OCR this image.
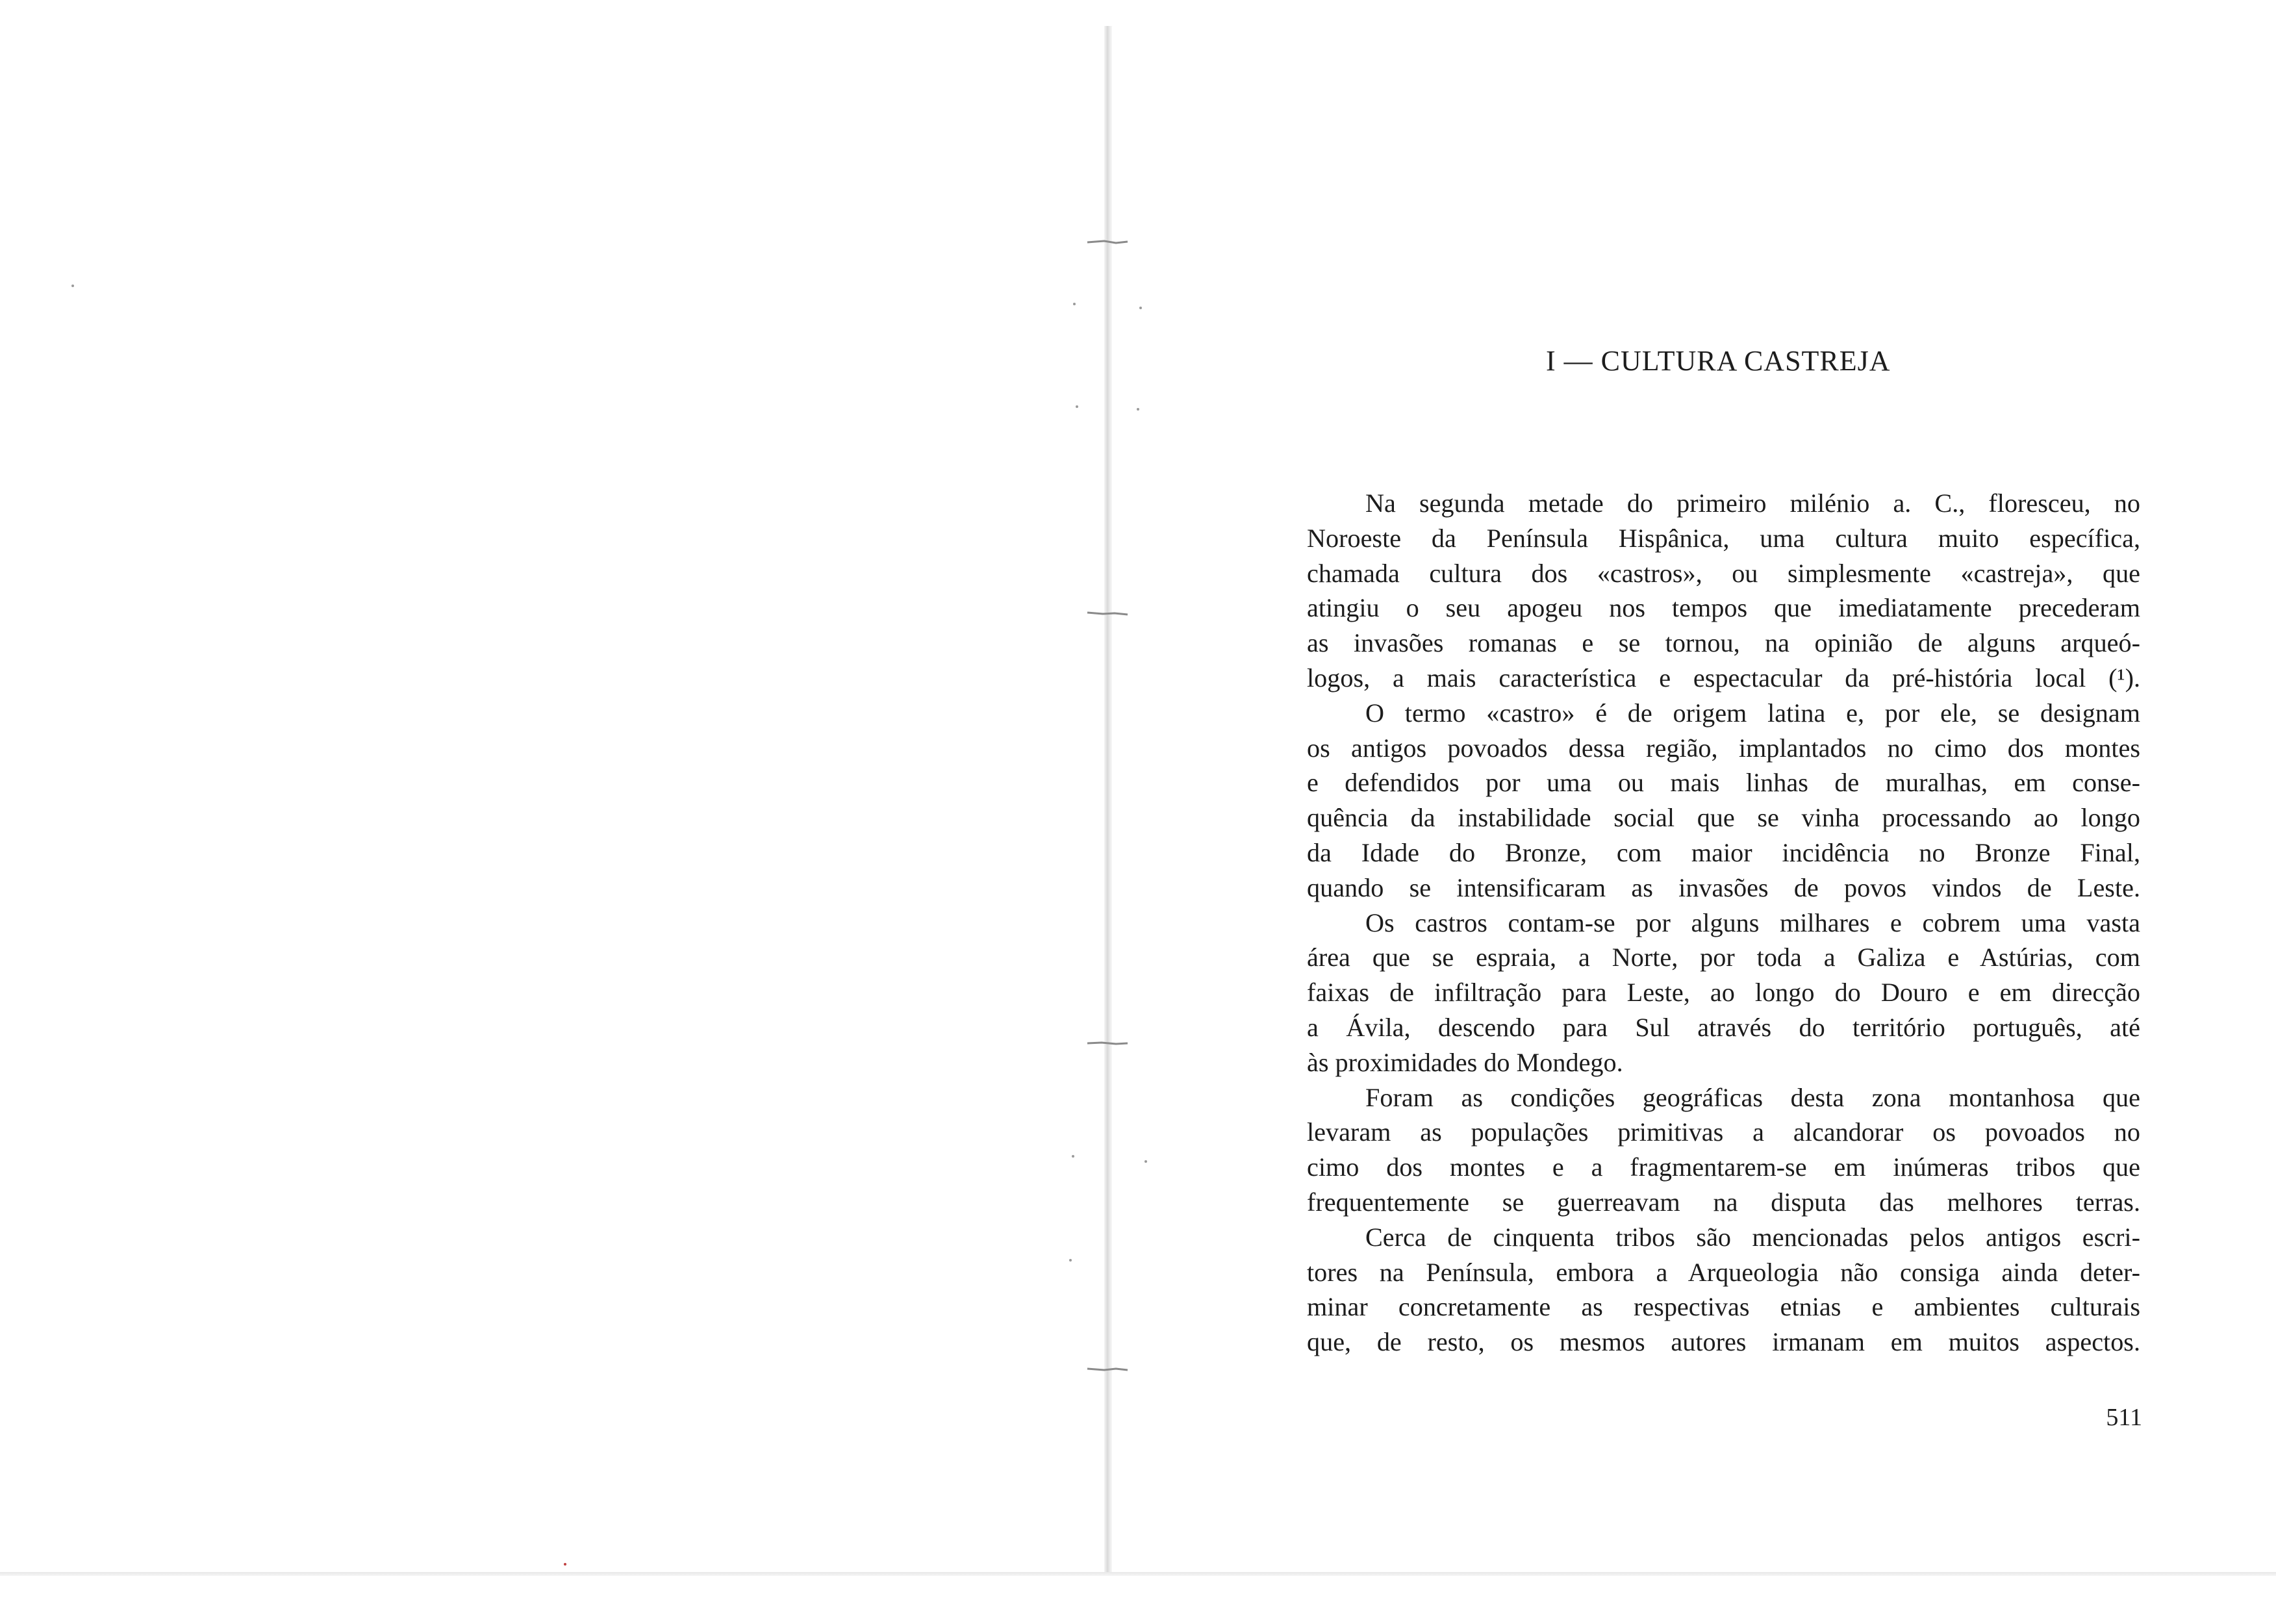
I — CULTURA CASTREJA
Na segunda metade do primeiro milénio a. C., floresceu, no
Noroeste da Península Hispânica, uma cultura muito específica,
chamada cultura dos «castros», ou simplesmente «castreja», que
atingiu o seu apogeu nos tempos que imediatamente precederam
as invasões romanas e se tornou, na opinião de alguns arqueó-
logos, a mais característica e espectacular da pré-história local (¹).
O termo «castro» é de origem latina e, por ele, se designam
os antigos povoados dessa região, implantados no cimo dos montes
e defendidos por uma ou mais linhas de muralhas, em conse-
quência da instabilidade social que se vinha processando ao longo
da Idade do Bronze, com maior incidência no Bronze Final,
quando se intensificaram as invasões de povos vindos de Leste.
Os castros contam-se por alguns milhares e cobrem uma vasta
área que se espraia, a Norte, por toda a Galiza e Astúrias, com
faixas de infiltração para Leste, ao longo do Douro e em direcção
a Ávila, descendo para Sul através do território português, até
às proximidades do Mondego.
Foram as condições geográficas desta zona montanhosa que
levaram as populações primitivas a alcandorar os povoados no
cimo dos montes e a fragmentarem-se em inúmeras tribos que
frequentemente se guerreavam na disputa das melhores terras.
Cerca de cinquenta tribos são mencionadas pelos antigos escri-
tores na Península, embora a Arqueologia não consiga ainda deter-
minar concretamente as respectivas etnias e ambientes culturais
que, de resto, os mesmos autores irmanam em muitos aspectos.
511
